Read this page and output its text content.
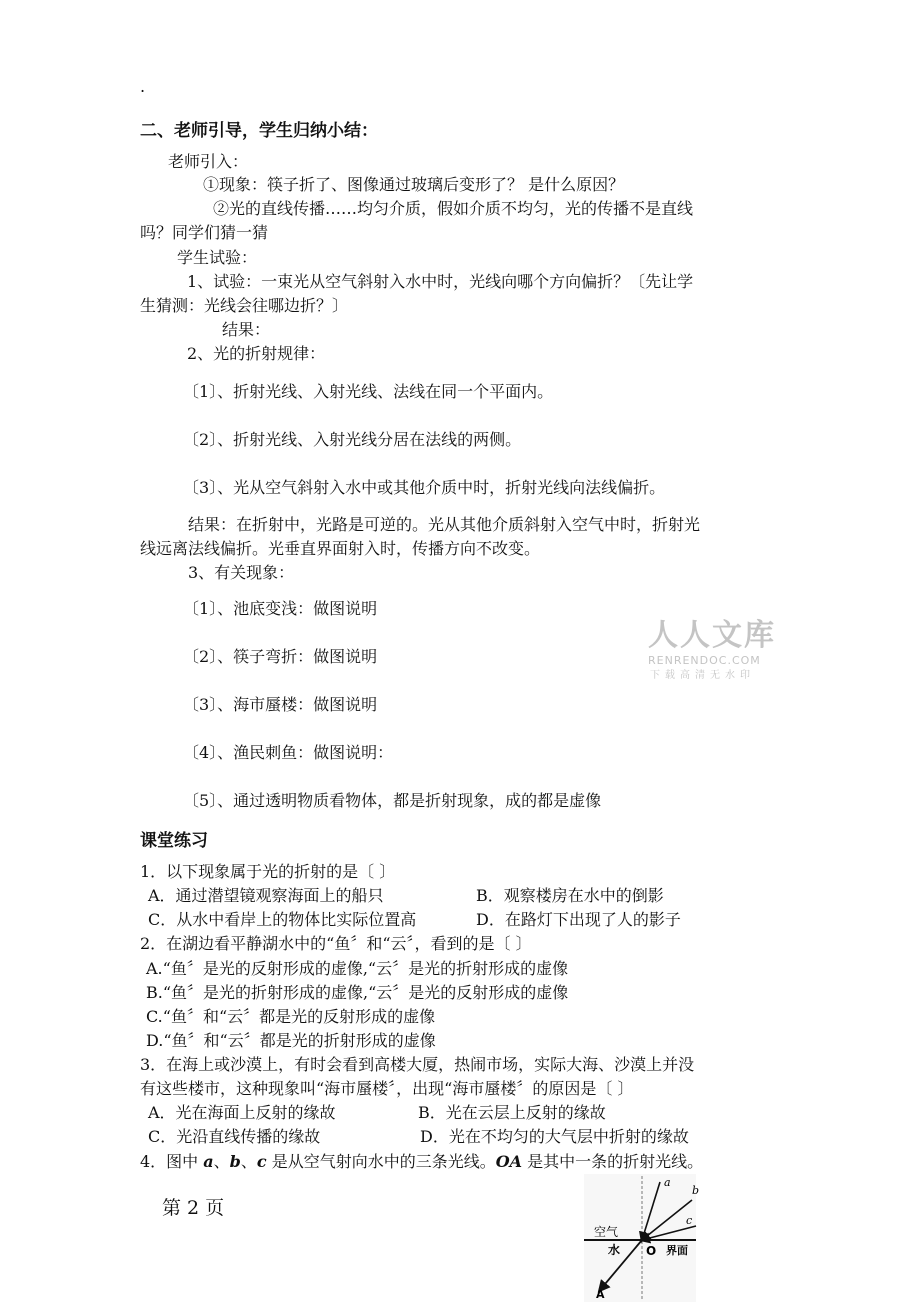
.
二、老师引导，学生归纳小结：
老师引入：
①现象：筷子折了、图像通过玻璃后变形了？ 是什么原因？
②光的直线传播……均匀介质，假如介质不均匀，光的传播不是直线
吗？同学们猜一猜
学生试验：
1、试验：一束光从空气斜射入水中时，光线向哪个方向偏折？〔先让学
生猜测：光线会往哪边折？〕
结果：
2、光的折射规律：
〔1〕、折射光线、入射光线、法线在同一个平面内。
〔2〕、折射光线、入射光线分居在法线的两侧。
〔3〕、光从空气斜射入水中或其他介质中时，折射光线向法线偏折。
结果：在折射中，光路是可逆的。光从其他介质斜射入空气中时，折射光
线远离法线偏折。光垂直界面射入时，传播方向不改变。
3、有关现象：
〔1〕、池底变浅：做图说明
〔2〕、筷子弯折：做图说明
〔3〕、海市蜃楼：做图说明
〔4〕、渔民刺鱼：做图说明：
〔5〕、通过透明物质看物体，都是折射现象，成的都是虚像
人人文库
RENRENDOC.COM
下载高清无水印
课堂练习
1．以下现象属于光的折射的是〔 〕
A．通过潜望镜观察海面上的船只	B．观察楼房在水中的倒影
C．从水中看岸上的物体比实际位置高	D．在路灯下出现了人的影子
2．在湖边看平静湖水中的“鱼〞和“云〞，看到的是〔 〕
A.“鱼〞是光的反射形成的虚像,“云〞是光的折射形成的虚像
B.“鱼〞是光的折射形成的虚像,“云〞是光的反射形成的虚像
C.“鱼〞和“云〞都是光的反射形成的虚像
D.“鱼〞和“云〞都是光的折射形成的虚像
3．在海上或沙漠上，有时会看到高楼大厦，热闹市场，实际大海、沙漠上并没
有这些楼市，这种现象叫“海市蜃楼〞，出现“海市蜃楼〞的原因是〔 〕
A．光在海面上反射的缘故	B．光在云层上反射的缘故
C．光沿直线传播的缘故	D．光在不均匀的大气层中折射的缘故
4．图中 a、b、c 是从空气射向水中的三条光线。OA 是其中一条的折射光线。
第 2 页
a
b
c
空气
水 O 界面
A
